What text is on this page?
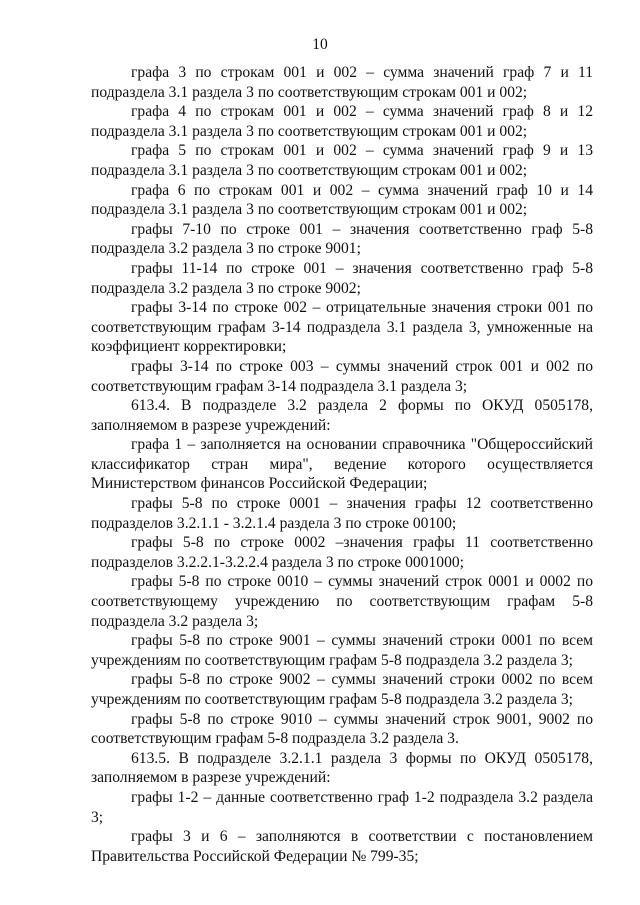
10

графа 3 по строкам 001 и 002 – сумма значений граф 7 и 11 подраздела 3.1 раздела 3 по соответствующим строкам 001 и 002;

графа 4 по строкам 001 и 002 – сумма значений граф 8 и 12 подраздела 3.1 раздела 3 по соответствующим строкам 001 и 002;

графа 5 по строкам 001 и 002 – сумма значений граф 9 и 13 подраздела 3.1 раздела 3 по соответствующим строкам 001 и 002;

графа 6 по строкам 001 и 002 – сумма значений граф 10 и 14 подраздела 3.1 раздела 3 по соответствующим строкам 001 и 002;

графы 7-10 по строке 001 – значения соответственно граф 5-8 подраздела 3.2 раздела 3 по строке 9001;

графы 11-14 по строке 001 – значения соответственно граф 5-8 подраздела 3.2 раздела 3 по строке 9002;

графы 3-14 по строке 002 – отрицательные значения строки 001 по соответствующим графам 3-14 подраздела 3.1 раздела 3, умноженные на коэффициент корректировки;

графы 3-14 по строке 003 – суммы значений строк 001 и 002 по соответствующим графам 3-14 подраздела 3.1 раздела 3;

613.4. В подразделе 3.2 раздела 2 формы по ОКУД 0505178, заполняемом в разрезе учреждений:

графа 1 – заполняется на основании справочника "Общероссийский классификатор стран мира", ведение которого осуществляется Министерством финансов Российской Федерации;

графы 5-8 по строке 0001 – значения графы 12 соответственно подразделов 3.2.1.1 - 3.2.1.4 раздела 3 по строке 00100;

графы 5-8 по строке 0002 –значения графы 11 соответственно подразделов 3.2.2.1-3.2.2.4 раздела 3 по строке 0001000;

графы 5-8 по строке 0010 – суммы значений строк 0001 и 0002 по соответствующему учреждению по соответствующим графам 5-8 подраздела 3.2 раздела 3;

графы 5-8 по строке 9001 – суммы значений строки 0001 по всем учреждениям по соответствующим графам 5-8 подраздела 3.2 раздела 3;

графы 5-8 по строке 9002 – суммы значений строки 0002 по всем учреждениям по соответствующим графам 5-8 подраздела 3.2 раздела 3;

графы 5-8 по строке 9010 – суммы значений строк 9001, 9002 по соответствующим графам 5-8 подраздела 3.2 раздела 3.

613.5. В подразделе 3.2.1.1 раздела 3 формы по ОКУД 0505178, заполняемом в разрезе учреждений:

графы 1-2 – данные соответственно граф 1-2 подраздела 3.2 раздела 3;

графы 3 и 6 – заполняются в соответствии с постановлением Правительства Российской Федерации № 799-35;
